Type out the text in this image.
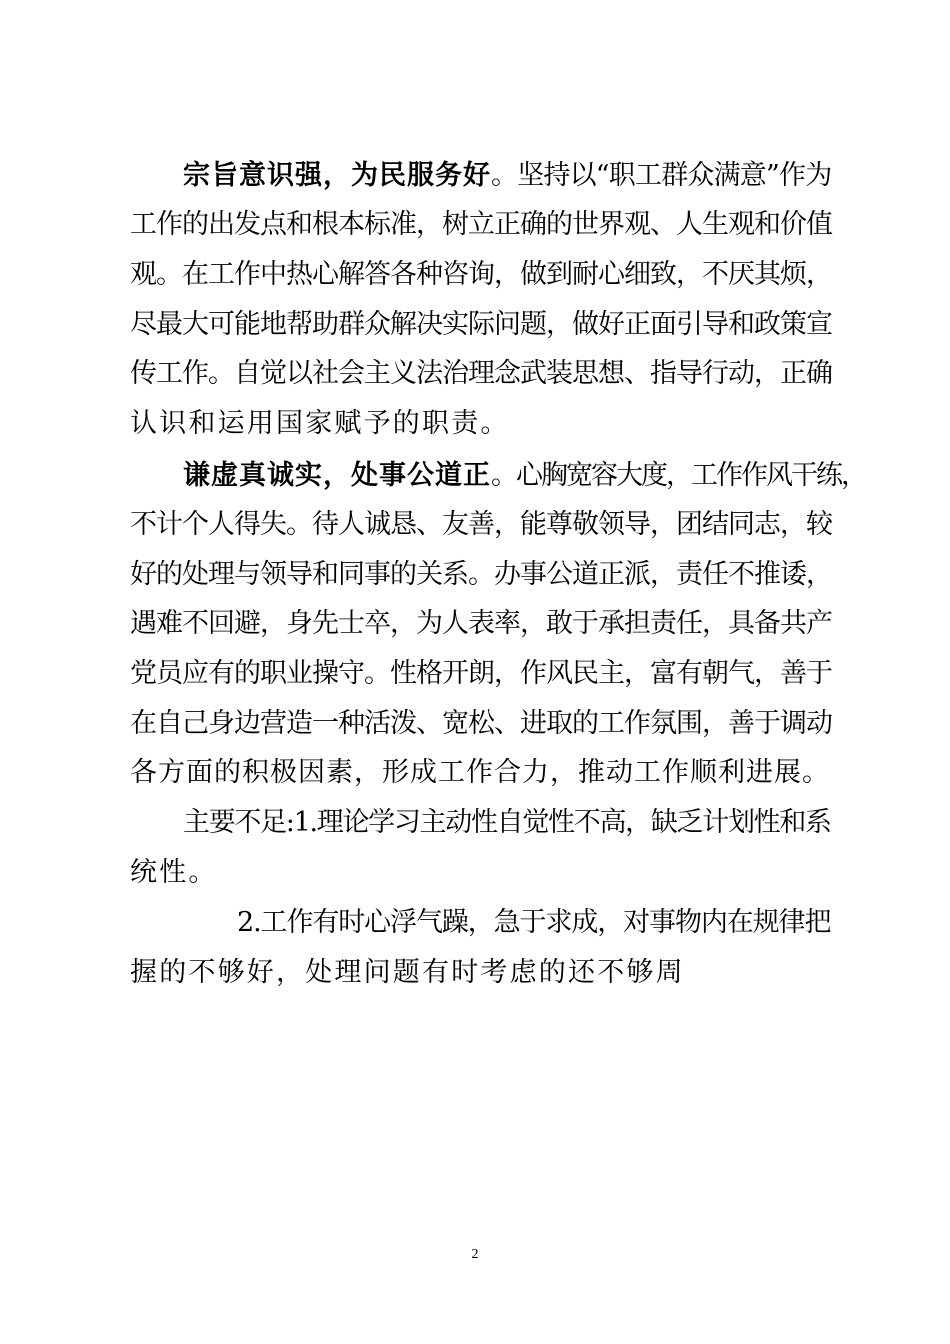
宗旨意识强，为民服务好。坚持以“职工群众满意”作为
工作的出发点和根本标准，树立正确的世界观、人生观和价值
观。在工作中热心解答各种咨询，做到耐心细致，不厌其烦，
尽最大可能地帮助群众解决实际问题，做好正面引导和政策宣
传工作。自觉以社会主义法治理念武装思想、指导行动，正确
认识和运用国家赋予的职责。
谦虚真诚实，处事公道正。心胸宽容大度，工作作风干练，
不计个人得失。待人诚恳、友善，能尊敬领导，团结同志，较
好的处理与领导和同事的关系。办事公道正派，责任不推诿，
遇难不回避，身先士卒，为人表率，敢于承担责任，具备共产
党员应有的职业操守。性格开朗，作风民主，富有朝气，善于
在自己身边营造一种活泼、宽松、进取的工作氛围，善于调动
各方面的积极因素，形成工作合力，推动工作顺利进展。
主要不足:1.理论学习主动性自觉性不高，缺乏计划性和系
统性。
2.工作有时心浮气躁，急于求成，对事物内在规律把
握的不够好，处理问题有时考虑的还不够周
2
